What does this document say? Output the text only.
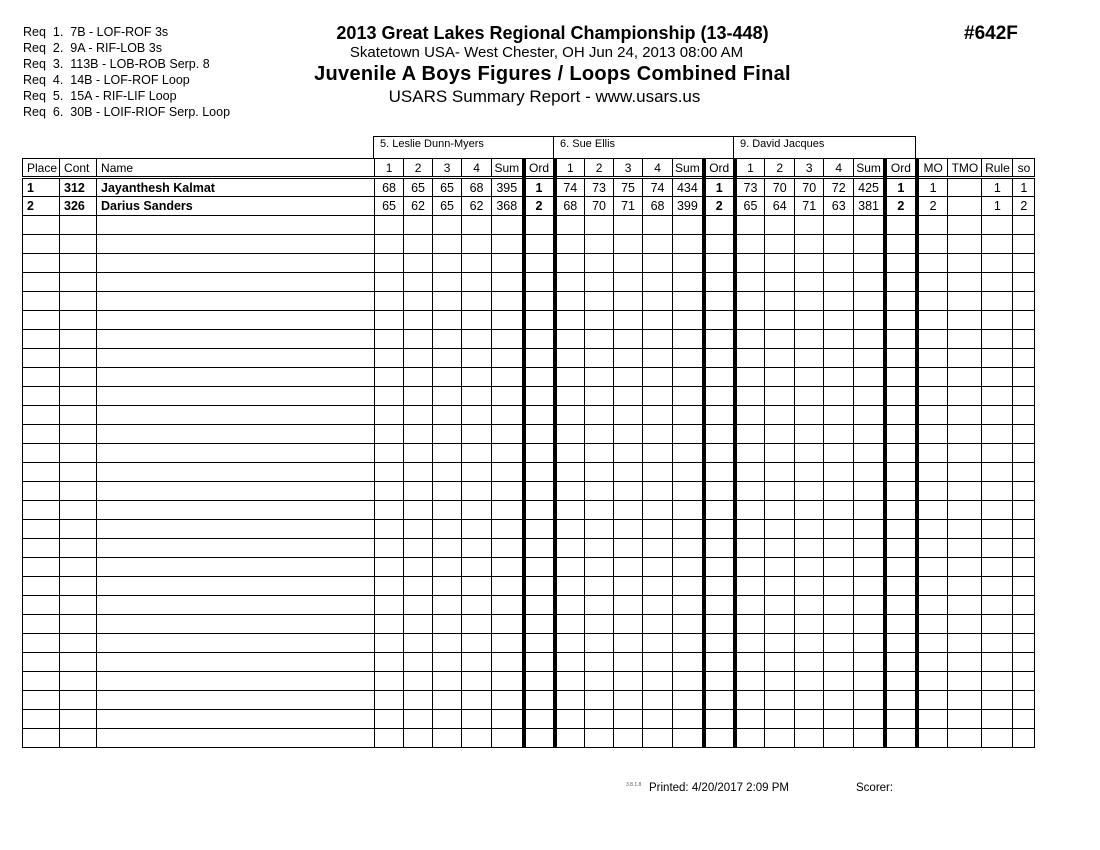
Req  1.  7B - LOF-ROF 3s
Req  2.  9A - RIF-LOB 3s
Req  3.  113B - LOB-ROB Serp. 8
Req  4.  14B - LOF-ROF Loop
Req  5.  15A - RIF-LIF Loop
Req  6.  30B - LOIF-RIOF Serp. Loop
2013 Great Lakes Regional Championship (13-448)
Skatetown USA- West Chester, OH Jun 24, 2013 08:00 AM
Juvenile A Boys Figures / Loops Combined Final
USARS Summary Report - www.usars.us
#642F
5. Leslie Dunn-Myers	6. Sue Ellis	9. David Jacques
Place	Cont	Name	1	2	3	4	Sum	Ord	1	2	3	4	Sum	Ord	1	2	3	4	Sum	Ord	MO	TMO	Rule	so
1	312	Jayanthesh Kalmat	68	65	65	68	395	1	74	73	75	74	434	1	73	70	70	72	425	1	1		1	1
2	326	Darius Sanders	65	62	65	62	368	2	68	70	71	68	399	2	65	64	71	63	381	2	2		1	2

3.8.1.8 Printed: 4/20/2017 2:09 PM	Scorer:
